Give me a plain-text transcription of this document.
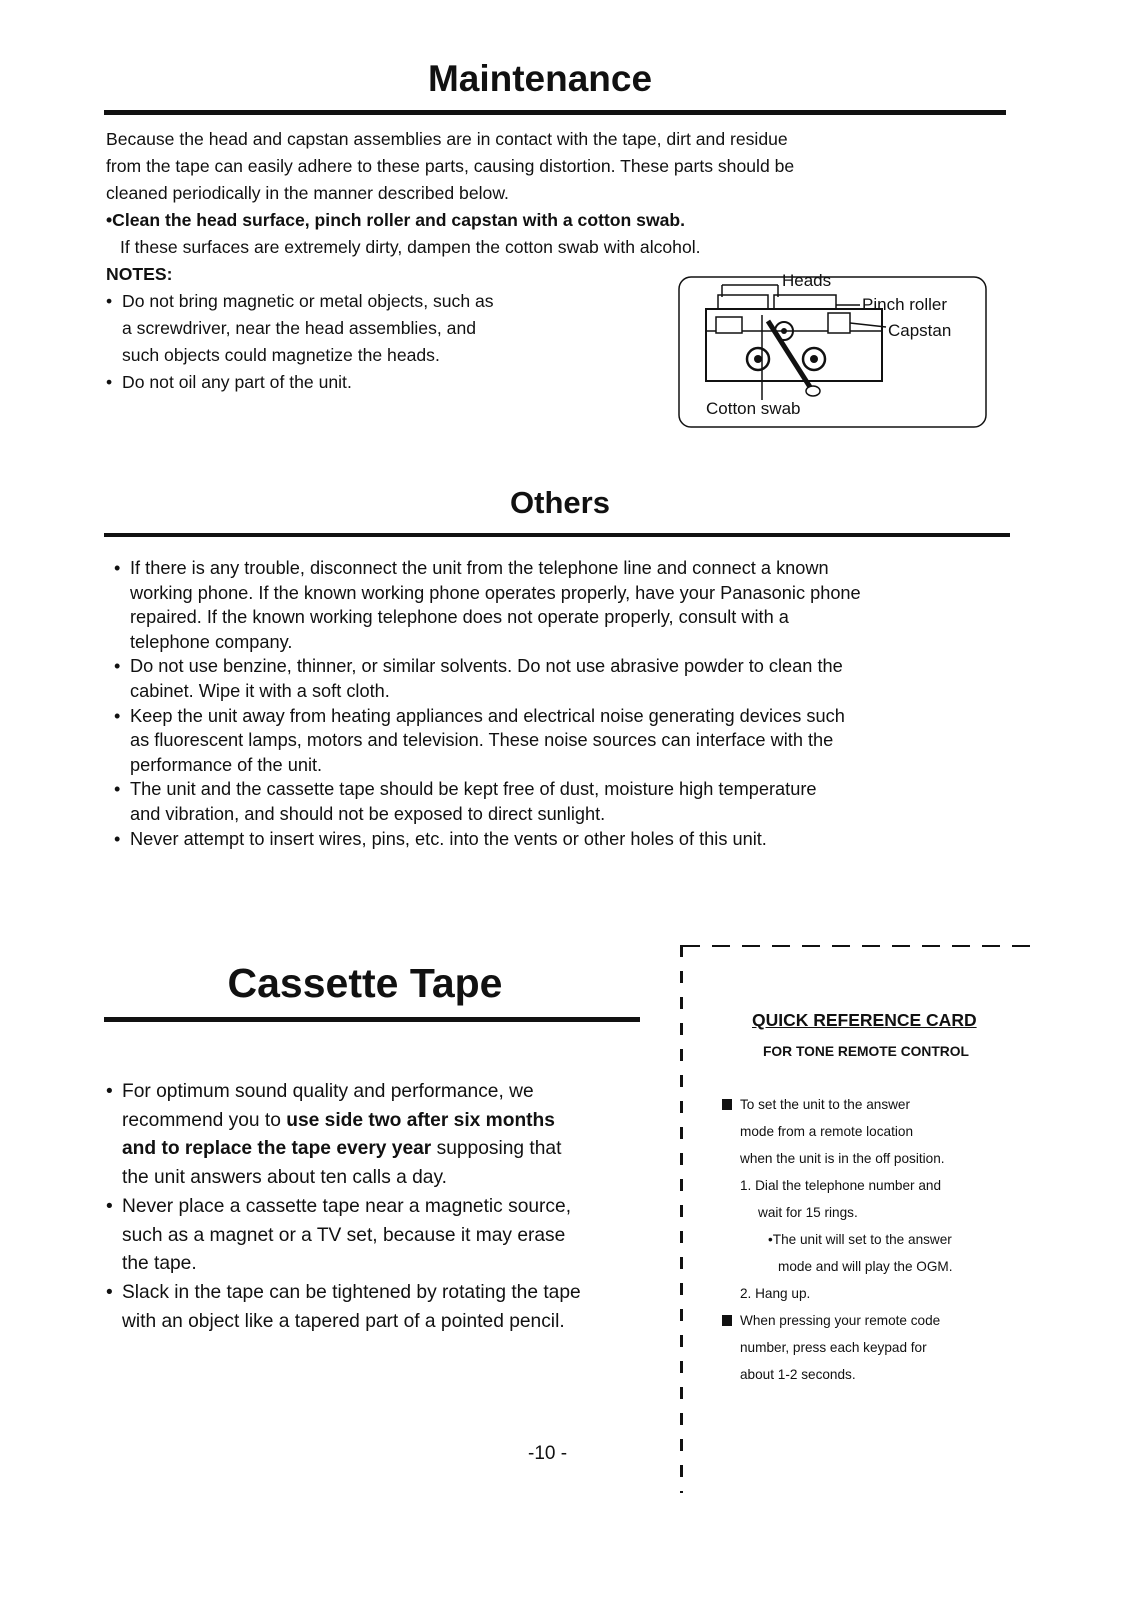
Maintenance
Because the head and capstan assemblies are in contact with the tape, dirt and residue
from the tape can easily adhere to these parts, causing distortion. These parts should be
cleaned periodically in the manner described below.
•Clean the head surface, pinch roller and capstan with a cotton swab.
If these surfaces are extremely dirty, dampen the cotton swab with alcohol.
NOTES:
• Do not bring magnetic or metal objects, such as
a screwdriver, near the head assemblies, and
such objects could magnetize the heads.
• Do not oil any part of the unit.
Heads
Pinch roller
Capstan
Cotton swab
Others
• If there is any trouble, disconnect the unit from the telephone line and connect a known
working phone. If the known working phone operates properly, have your Panasonic phone
repaired. If the known working telephone does not operate properly, consult with a
telephone company.
• Do not use benzine, thinner, or similar solvents. Do not use abrasive powder to clean the
cabinet. Wipe it with a soft cloth.
• Keep the unit away from heating appliances and electrical noise generating devices such
as fluorescent lamps, motors and television. These noise sources can interface with the
performance of the unit.
• The unit and the cassette tape should be kept free of dust, moisture high temperature
and vibration, and should not be exposed to direct sunlight.
• Never attempt to insert wires, pins, etc. into the vents or other holes of this unit.
Cassette Tape
• For optimum sound quality and performance, we
recommend you to use side two after six months
and to replace the tape every year supposing that
the unit answers about ten calls a day.
• Never place a cassette tape near a magnetic source,
such as a magnet or a TV set, because it may erase
the tape.
• Slack in the tape can be tightened by rotating the tape
with an object like a tapered part of a pointed pencil.
QUICK REFERENCE CARD
FOR TONE REMOTE CONTROL
To set the unit to the answer
mode from a remote location
when the unit is in the off position.
1. Dial the telephone number and
wait for 15 rings.
•The unit will set to the answer
mode and will play the OGM.
2. Hang up.
When pressing your remote code
number, press each keypad for
about 1-2 seconds.
-10 -
